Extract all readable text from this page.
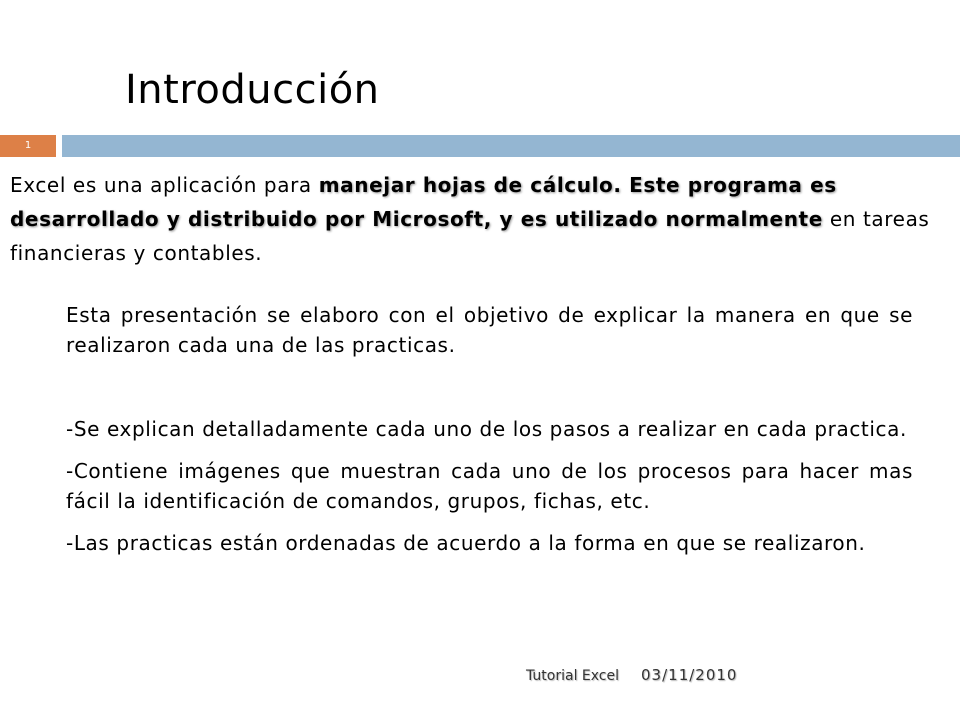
Introducción
1
Excel es una aplicación para manejar hojas de cálculo. Este programa es desarrollado y distribuido por Microsoft, y es utilizado normalmente en tareas financieras y contables.

Esta presentación se elaboro con el objetivo de explicar la manera en que se realizaron cada una de las practicas.

-Se explican detalladamente cada uno de los pasos a realizar en cada practica.

-Contiene imágenes que muestran cada uno de los procesos para hacer mas fácil la identificación de comandos, grupos, fichas, etc.

-Las practicas están ordenadas de acuerdo a la forma en que se realizaron.

Tutorial Excel 03/11/2010
